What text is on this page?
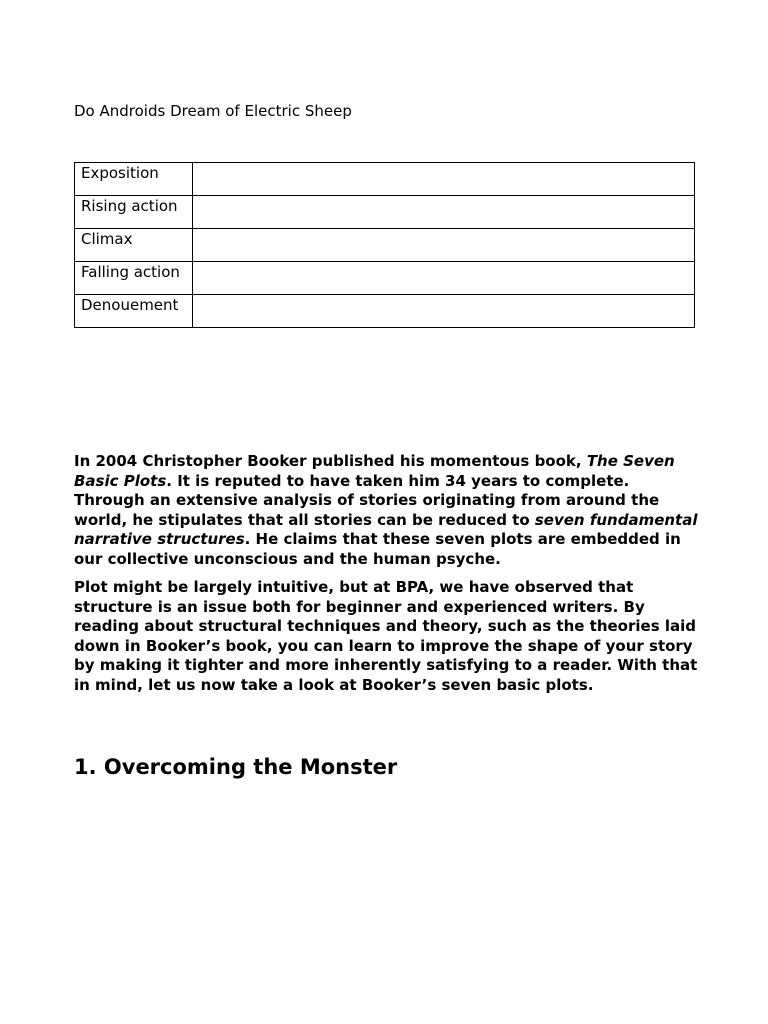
Do Androids Dream of Electric Sheep
Exposition	
Rising action	
Climax	
Falling action	
Denouement	

In 2004 Christopher Booker published his momentous book, The Seven Basic Plots. It is reputed to have taken him 34 years to complete. Through an extensive analysis of stories originating from around the world, he stipulates that all stories can be reduced to seven fundamental narrative structures. He claims that these seven plots are embedded in our collective unconscious and the human psyche.

Plot might be largely intuitive, but at BPA, we have observed that structure is an issue both for beginner and experienced writers. By reading about structural techniques and theory, such as the theories laid down in Booker’s book, you can learn to improve the shape of your story by making it tighter and more inherently satisfying to a reader. With that in mind, let us now take a look at Booker’s seven basic plots.

1. Overcoming the Monster
